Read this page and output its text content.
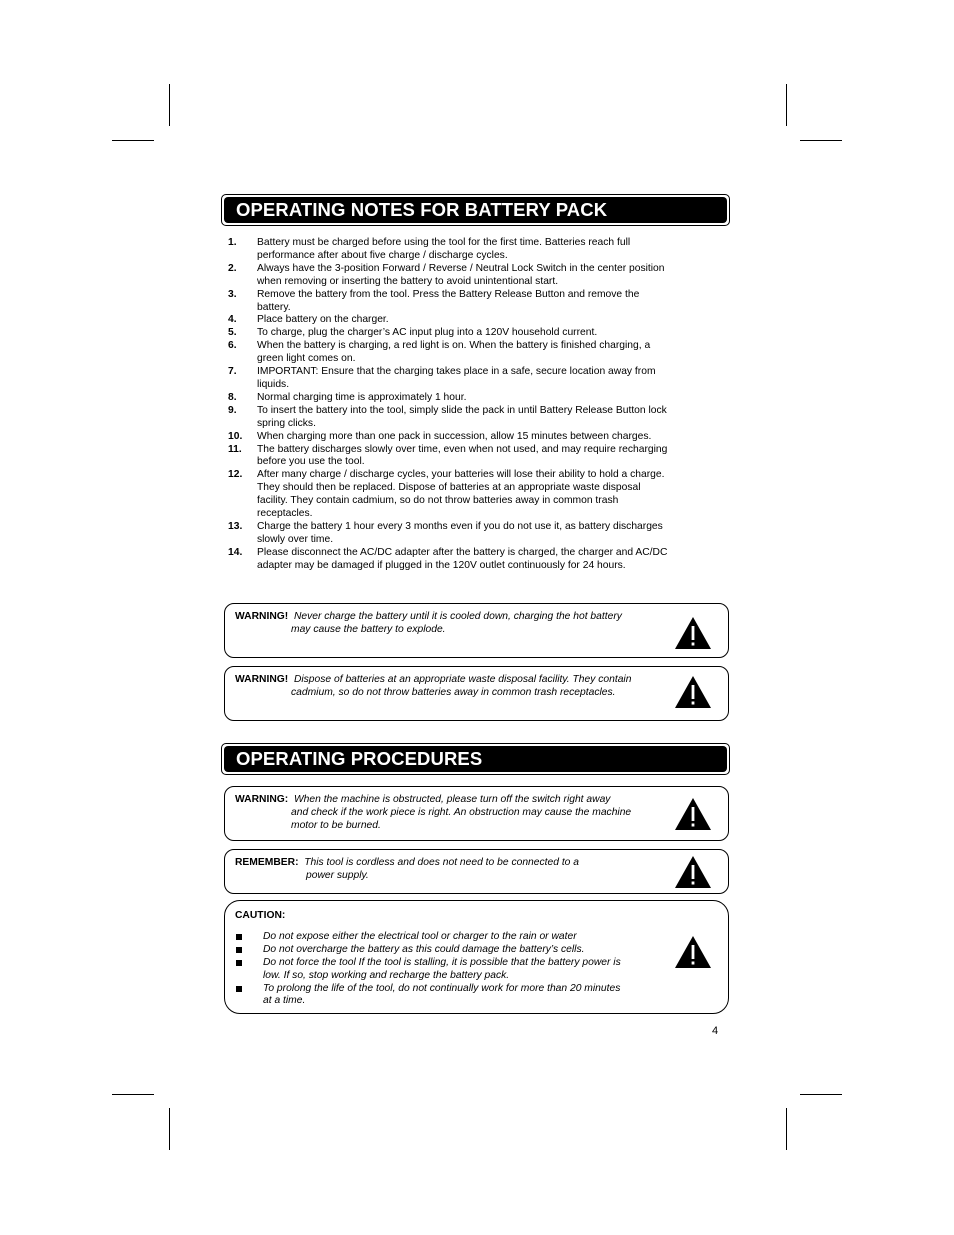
OPERATING NOTES FOR BATTERY PACK
1. Battery must be charged before using the tool for the first time. Batteries reach full performance after about five charge / discharge cycles.
2. Always have the 3-position Forward / Reverse / Neutral Lock Switch in the center position when removing or inserting the battery to avoid unintentional start.
3. Remove the battery from the tool. Press the Battery Release Button and remove the battery.
4. Place battery on the charger.
5. To charge, plug the charger’s AC input plug into a 120V household current.
6. When the battery is charging, a red light is on. When the battery is finished charging, a green light comes on.
7. IMPORTANT: Ensure that the charging takes place in a safe, secure location away from liquids.
8. Normal charging time is approximately 1 hour.
9. To insert the battery into the tool, simply slide the pack in until Battery Release Button lock spring clicks.
10. When charging more than one pack in succession, allow 15 minutes between charges.
11. The battery discharges slowly over time, even when not used, and may require recharging before you use the tool.
12. After many charge / discharge cycles, your batteries will lose their ability to hold a charge. They should then be replaced. Dispose of batteries at an appropriate waste disposal facility. They contain cadmium, so do not throw batteries away in common trash receptacles.
13. Charge the battery 1 hour every 3 months even if you do not use it, as battery discharges slowly over time.
14. Please disconnect the AC/DC adapter after the battery is charged, the charger and AC/DC adapter may be damaged if plugged in the 120V outlet continuously for 24 hours.
WARNING! Never charge the battery until it is cooled down, charging the hot battery
may cause the battery to explode.
WARNING! Dispose of batteries at an appropriate waste disposal facility. They contain
cadmium, so do not throw batteries away in common trash receptacles.
OPERATING PROCEDURES
WARNING: When the machine is obstructed, please turn off the switch right away
and check if the work piece is right. An obstruction may cause the machine
motor to be burned.
REMEMBER: This tool is cordless and does not need to be connected to a
power supply.
CAUTION:
Do not expose either the electrical tool or charger to the rain or water
Do not overcharge the battery as this could damage the battery’s cells.
Do not force the tool If the tool is stalling, it is possible that the battery power is low. If so, stop working and recharge the battery pack.
To prolong the life of the tool, do not continually work for more than 20 minutes at a time.
4
